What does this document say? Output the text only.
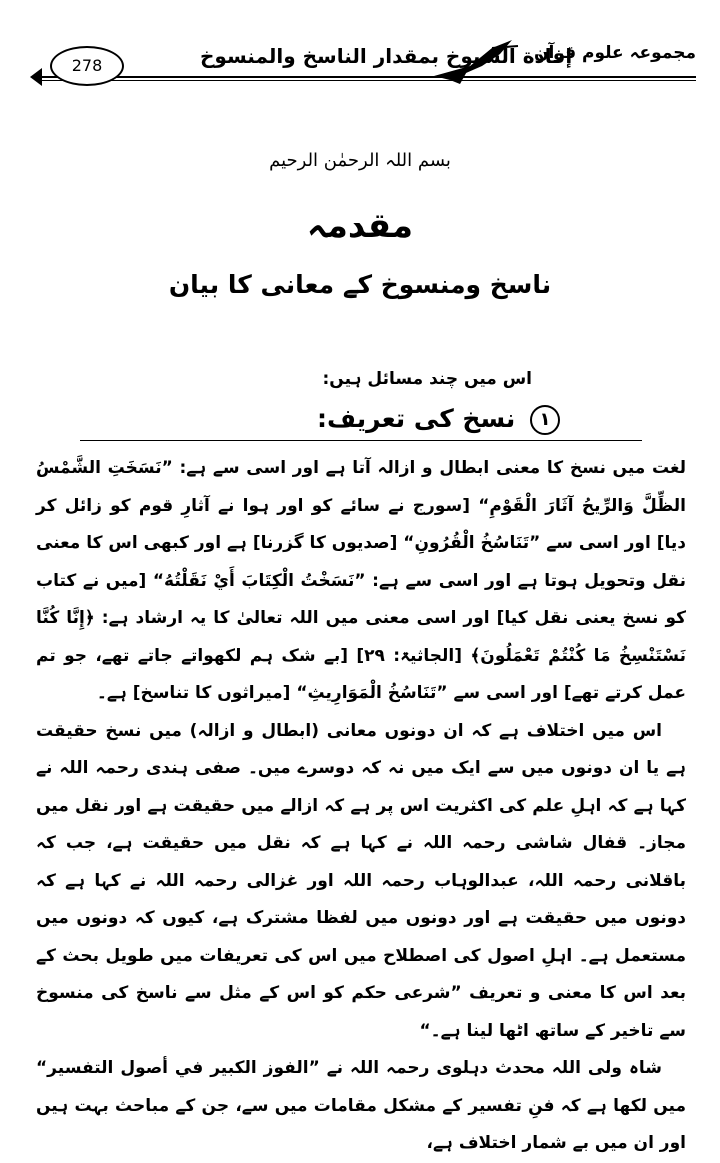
278	إفادة الشيوخ بمقدار الناسخ والمنسوخ
مجموعہ علوم قرآن
بسم اللہ الرحمٰن الرحیم
مقدمہ
ناسخ ومنسوخ کے معانی کا بیان
اس میں چند مسائل ہیں:
١ نسخ کی تعریف:

لغت میں نسخ کا معنی ابطال و ازالہ آتا ہے اور اسی سے ہے: ”نَسَخَتِ الشَّمْسُ الظِّلَّ وَالرِّيحُ آثَارَ الْقَوْمِ“ [سورج نے سائے کو اور ہوا نے آثارِ قوم کو زائل کر دیا] اور اسی سے ”تَنَاسُخُ الْقُرُونِ“ [صدیوں کا گزرنا] ہے اور کبھی اس کا معنی نقل وتحویل ہوتا ہے اور اسی سے ہے: ”نَسَخْتُ الْكِتَابَ أَيْ نَقَلْتُهُ“ [میں نے کتاب کو نسخ یعنی نقل کیا] اور اسی معنی میں اللہ تعالیٰ کا یہ ارشاد ہے: ﴿إِنَّا كُنَّا نَسْتَنْسِخُ مَا كُنْتُمْ تَعْمَلُونَ﴾ [الجاثیۃ: ٢٩] [بے شک ہم لکھواتے جاتے تھے، جو تم عمل کرتے تھے] اور اسی سے ”تَنَاسُخُ الْمَوَارِيثِ“ [میراثوں کا تناسخ] ہے۔

اس میں اختلاف ہے کہ ان دونوں معانی (ابطال و ازالہ) میں نسخ حقیقت ہے یا ان دونوں میں سے ایک میں نہ کہ دوسرے میں۔ صفی ہندی رحمہ اللہ نے کہا ہے کہ اہلِ علم کی اکثریت اس پر ہے کہ ازالے میں حقیقت ہے اور نقل میں مجاز۔ قفال شاشی رحمہ اللہ نے کہا ہے کہ نقل میں حقیقت ہے، جب کہ باقلانی رحمہ اللہ، عبدالوہاب رحمہ اللہ اور غزالی رحمہ اللہ نے کہا ہے کہ دونوں میں حقیقت ہے اور دونوں میں لفظا مشترک ہے، کیوں کہ دونوں میں مستعمل ہے۔ اہلِ اصول کی اصطلاح میں اس کی تعریفات میں طویل بحث کے بعد اس کا معنی و تعریف ”شرعی حکم کو اس کے مثل سے ناسخ کی منسوخ سے تاخیر کے ساتھ اٹھا لینا ہے۔“

شاہ ولی اللہ محدث دہلوی رحمہ اللہ نے ”الفوز الكبير في أصول التفسير“ میں لکھا ہے کہ فنِ تفسیر کے مشکل مقامات میں سے، جن کے مباحث بہت ہیں اور ان میں بے شمار اختلاف ہے،
